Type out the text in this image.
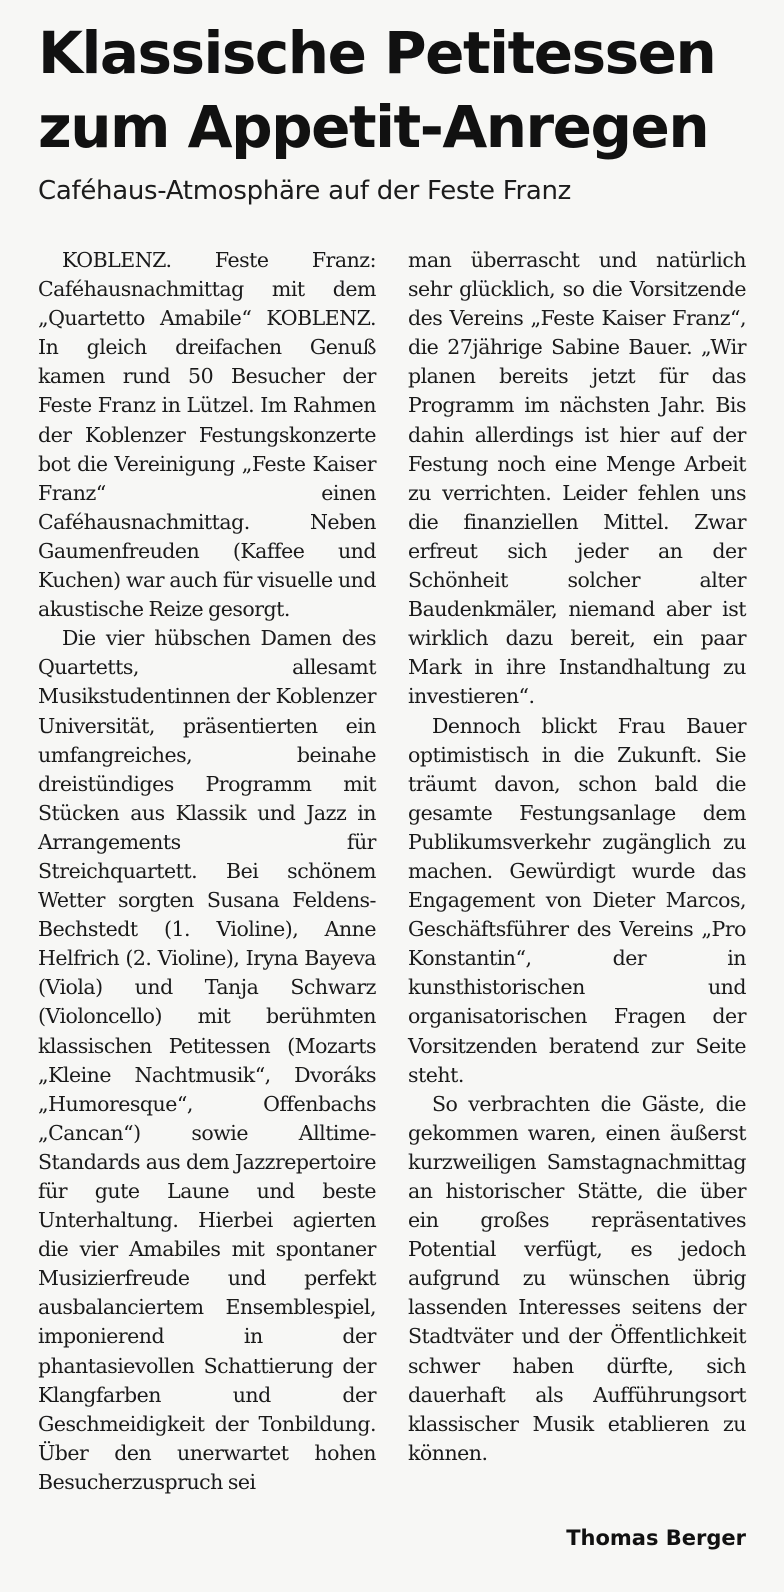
Klassische Petitessen
zum Appetit-Anregen
Caféhaus-Atmosphäre auf der Feste Franz

KOBLENZ. Feste Franz: Caféhausnachmittag mit dem „Quartetto Amabile“ KOBLENZ. In gleich dreifachen Genuß kamen rund 50 Besucher der Feste Franz in Lützel. Im Rahmen der Koblenzer Festungskonzerte bot die Vereinigung „Feste Kaiser Franz“ einen Caféhausnachmittag. Neben Gaumenfreuden (Kaffee und Kuchen) war auch für visuelle und akustische Reize gesorgt.

Die vier hübschen Damen des Quartetts, allesamt Musikstudentinnen der Koblenzer Universität, präsentierten ein umfangreiches, beinahe dreistündiges Programm mit Stücken aus Klassik und Jazz in Arrangements für Streichquartett. Bei schönem Wetter sorgten Susana Feldens-Bechstedt (1. Violine), Anne Helfrich (2. Violine), Iryna Bayeva (Viola) und Tanja Schwarz (Violoncello) mit berühmten klassischen Petitessen (Mozarts „Kleine Nachtmusik“, Dvoráks „Humoresque“, Offenbachs „Cancan“) sowie Alltime-Standards aus dem Jazzrepertoire für gute Laune und beste Unterhaltung. Hierbei agierten die vier Amabiles mit spontaner Musizierfreude und perfekt ausbalanciertem Ensemblespiel, imponierend in der phantasievollen Schattierung der Klangfarben und der Geschmeidigkeit der Tonbildung. Über den unerwartet hohen Besucherzuspruch sei

man überrascht und natürlich sehr glücklich, so die Vorsitzende des Vereins „Feste Kaiser Franz“, die 27jährige Sabine Bauer. „Wir planen bereits jetzt für das Programm im nächsten Jahr. Bis dahin allerdings ist hier auf der Festung noch eine Menge Arbeit zu verrichten. Leider fehlen uns die finanziellen Mittel. Zwar erfreut sich jeder an der Schönheit solcher alter Baudenkmäler, niemand aber ist wirklich dazu bereit, ein paar Mark in ihre Instandhaltung zu investieren“.

Dennoch blickt Frau Bauer optimistisch in die Zukunft. Sie träumt davon, schon bald die gesamte Festungsanlage dem Publikumsverkehr zugänglich zu machen. Gewürdigt wurde das Engagement von Dieter Marcos, Geschäftsführer des Vereins „Pro Konstantin“, der in kunsthistorischen und organisatorischen Fragen der Vorsitzenden beratend zur Seite steht.

So verbrachten die Gäste, die gekommen waren, einen äußerst kurzweiligen Samstagnachmittag an historischer Stätte, die über ein großes repräsentatives Potential verfügt, es jedoch aufgrund zu wünschen übrig lassenden Interesses seitens der Stadtväter und der Öffentlichkeit schwer haben dürfte, sich dauerhaft als Aufführungsort klassischer Musik etablieren zu können.

Thomas Berger
